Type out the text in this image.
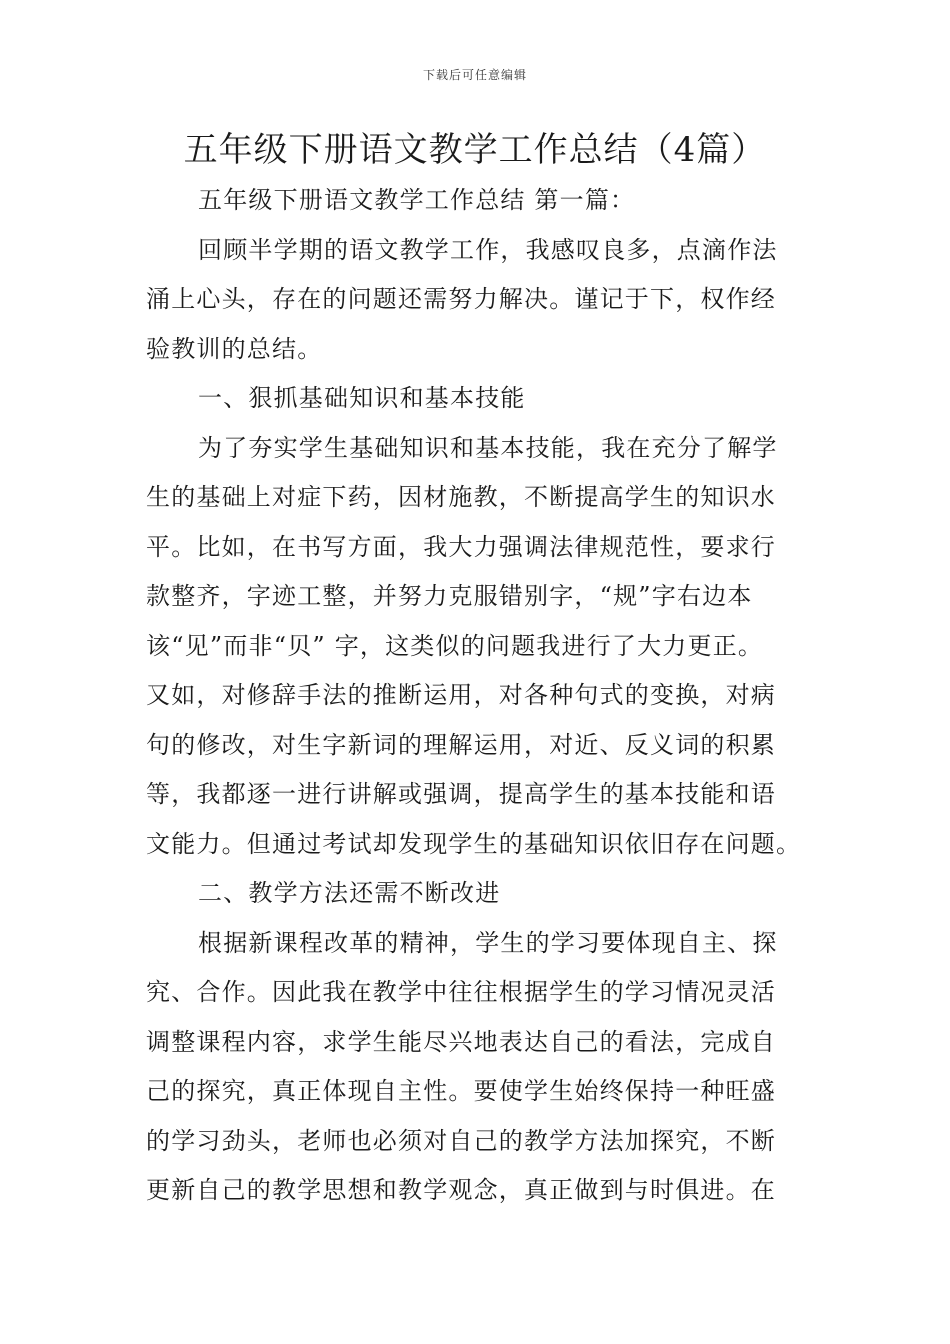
下载后可任意编辑
五年级下册语文教学工作总结（4篇）
五年级下册语文教学工作总结 第一篇：
回顾半学期的语文教学工作，我感叹良多，点滴作法
涌上心头，存在的问题还需努力解决。谨记于下，权作经
验教训的总结。
一、狠抓基础知识和基本技能
为了夯实学生基础知识和基本技能，我在充分了解学
生的基础上对症下药，因材施教，不断提高学生的知识水
平。比如，在书写方面，我大力强调法律规范性，要求行
款整齐，字迹工整，并努力克服错别字，“规”字右边本
该“见”而非“贝” 字，这类似的问题我进行了大力更正。
又如，对修辞手法的推断运用，对各种句式的变换，对病
句的修改，对生字新词的理解运用，对近、反义词的积累
等，我都逐一进行讲解或强调，提高学生的基本技能和语
文能力。但通过考试却发现学生的基础知识依旧存在问题。
二、教学方法还需不断改进
根据新课程改革的精神，学生的学习要体现自主、探
究、合作。因此我在教学中往往根据学生的学习情况灵活
调整课程内容，求学生能尽兴地表达自己的看法，完成自
己的探究，真正体现自主性。要使学生始终保持一种旺盛
的学习劲头，老师也必须对自己的教学方法加探究，不断
更新自己的教学思想和教学观念，真正做到与时俱进。在
